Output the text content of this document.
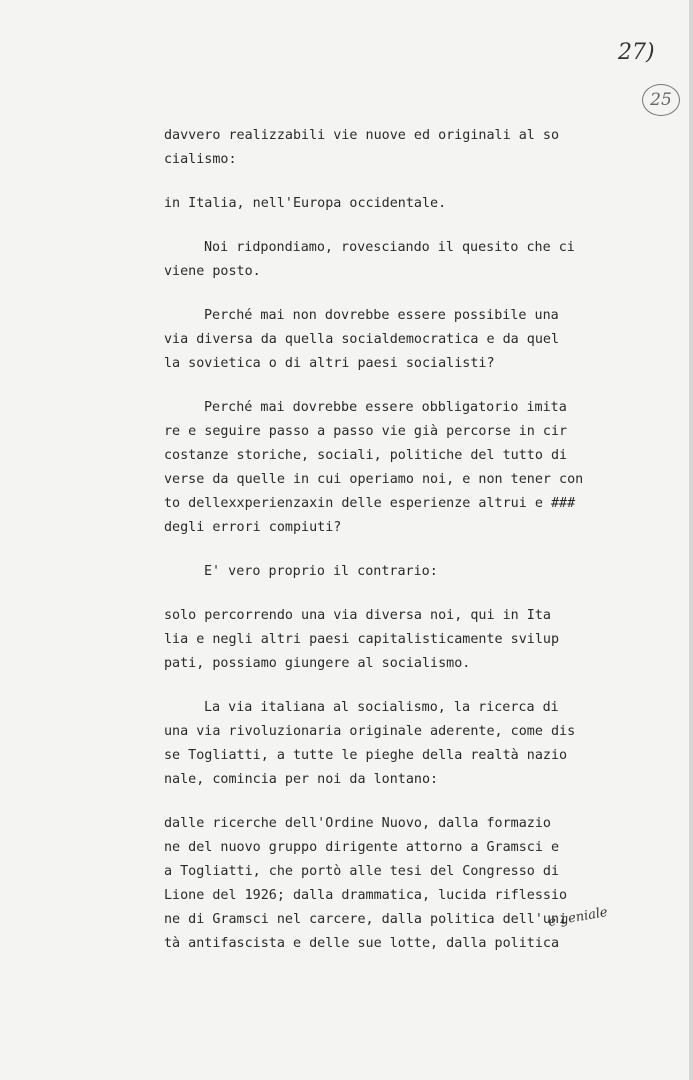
27)
25
e geniale
davvero realizzabili vie nuove ed originali al so
cialismo:
in Italia, nell'Europa occidentale.
Noi ridpondiamo, rovesciando il quesito che ci
viene posto.
Perché mai non dovrebbe essere possibile una
via diversa da quella socialdemocratica e da quel
la sovietica o di altri paesi socialisti?
Perché mai dovrebbe essere obbligatorio imita
re e seguire passo a passo vie già percorse in cir
costanze storiche, sociali, politiche del tutto di
verse da quelle in cui operiamo noi, e non tener con
to dellexxperienzaxin delle esperienze altrui e ###
degli errori compiuti?
E' vero proprio il contrario:
solo percorrendo una via diversa noi, qui in Ita
lia e negli altri paesi capitalisticamente svilup
pati, possiamo giungere al socialismo.
La via italiana al socialismo, la ricerca di
una via rivoluzionaria originale aderente, come dis
se Togliatti, a tutte le pieghe della realtà nazio
nale, comincia per noi da lontano:
dalle ricerche dell'Ordine Nuovo, dalla formazio
ne del nuovo gruppo dirigente attorno a Gramsci e
a Togliatti, che portò alle tesi del Congresso di
Lione del 1926; dalla drammatica, lucida riflessio
ne di Gramsci nel carcere, dalla politica dell'uni
tà antifascista e delle sue lotte, dalla politica
